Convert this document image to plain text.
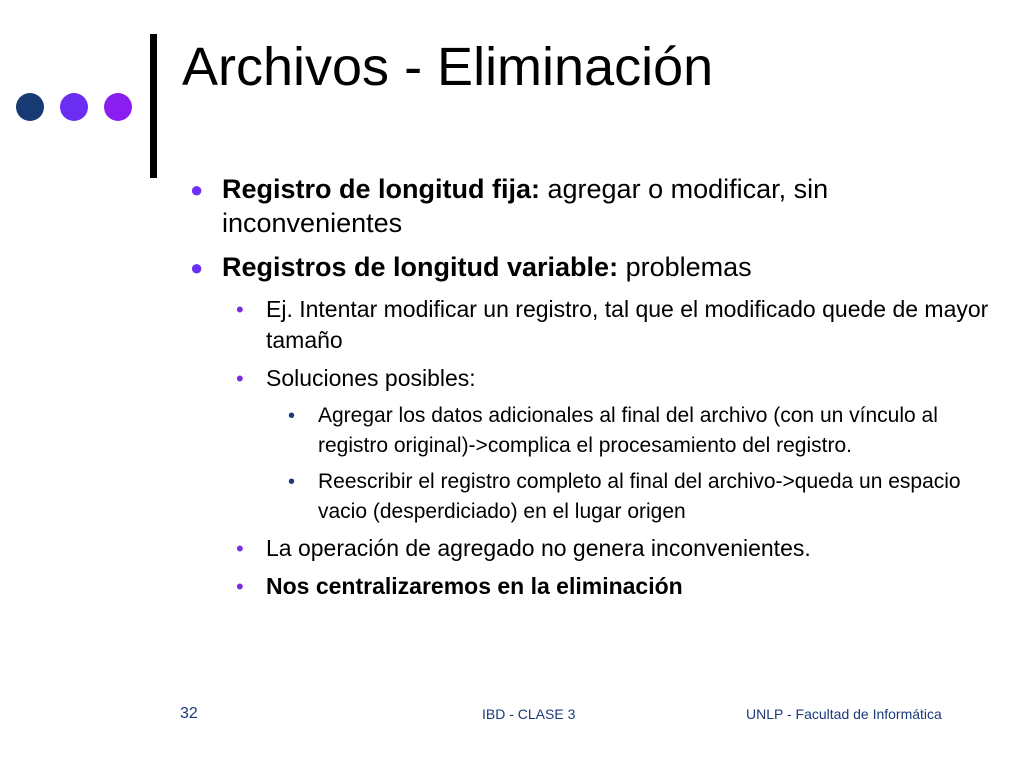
Archivos - Eliminación
● Registro de longitud fija: agregar o modificar, sin inconvenientes
● Registros de longitud variable: problemas
• Ej. Intentar modificar un registro, tal que el modificado quede de mayor tamaño
• Soluciones posibles:
• Agregar los datos adicionales al final del archivo (con un vínculo al registro original)->complica el procesamiento del registro.
• Reescribir el registro completo al final del archivo->queda un espacio vacio (desperdiciado) en el lugar origen
• La operación de agregado no genera inconvenientes.
• Nos centralizaremos en la eliminación
32	IBD - CLASE 3	UNLP - Facultad de Informática
